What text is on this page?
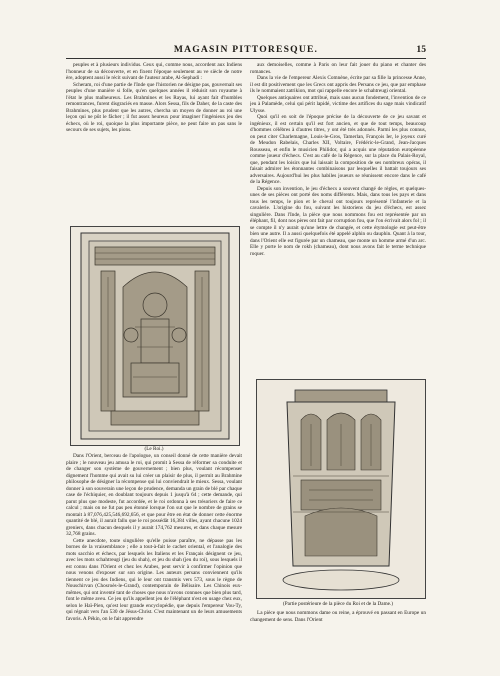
MAGASIN PITTORESQUE.	15

peuples et à plusieurs individus. Ceux qui, comme nous, accordent aux Indiens l'honneur de sa découverte, et en fixent l'époque seulement au ve siècle de notre ère, adoptent aussi le récit suivant de l'auteur arabe, Al-Sephadi :

Scheram, roi d'une partie de l'Inde que l'historien ne désigne pas, gouvernait ses peuples d'une manière si folle, qu'en quelques années il réduisit son royaume à l'état le plus malheureux. Les Brahmines et les Rayas, lui ayant fait d'humbles remontrances, furent disgraciés en masse. Alors Sessa, fils de Daher, de la caste des Brahmines, plus prudent que les autres, chercha un moyen de donner au roi une leçon qui ne pût le fâcher ; il fut assez heureux pour imaginer l'ingénieux jeu des échecs, où le roi, quoique la plus importante pièce, ne peut faire un pas sans le secours de ses sujets, les pions.

(Le Roi.)

Dans l'Orient, berceau de l'apologue, un conseil donné de cette manière devait plaire ; le nouveau jeu amusa le roi, qui promit à Sessa de réformer sa conduite et de changer son système de gouvernement ; bien plus, voulant récompenser dignement l'homme qui avait su lui créer un plaisir de plus, il permit au Brahmine philosophe de désigner la récompense qui lui conviendrait le mieux. Sessa, voulant donner à son souverain une leçon de prudence, demanda un grain de blé par chaque case de l'échiquier, en doublant toujours depuis 1 jusqu'à 64 ; cette demande, qui parut plus que modeste, fut accordée, et le roi ordonna à ses trésoriers de faire ce calcul ; mais on ne fut pas peu étonné lorsque l'on sut que le nombre de grains se montait à 87,076,425,546,692,656, et que pour être en état de donner cette énorme quantité de blé, il aurait fallu que le roi possédât 16,384 villes, ayant chacune 1024 greniers, dans chacun desquels il y aurait 174,762 mesures, et dans chaque mesure 32,768 grains.

Cette anecdote, toute singulière qu'elle puisse paraître, ne dépasse pas les bornes de la vraisemblance ; elle a tout-à-fait le cachet oriental, et l'analogie des mots sacchio et échecs, par lesquels les Italiens et les Français désignent ce jeu, avec les mots schahtreugi (jeu du shah), et jeu du shah (jeu du roi), sous lesquels il est connu dans l'Orient et chez les Arabes, peut servir à confirmer l'opinion que nous venons d'exposer sur son origine. Les auteurs persans conviennent qu'ils tiennent ce jeu des Indiens, qui le leur ont transmis vers 573, sous le règne de Nouschirvan (Chosroès-le-Grand), contemporain de Bélisaire. Les Chinois eux-mêmes, qui ont inventé tant de choses que nous n'avons connues que bien plus tard, font le même aveu. Ce jeu qu'ils appellent jeu de l'éléphant n'est en usage chez eux, selon le Haï-Pien, qu'est leur grande encyclopédie, que depuis l'empereur Vou-Ty, qui régnait vers l'an 530 de Jésus-Christ. C'est maintenant un de leurs amusements favoris. A Pékin, on le fait apprendre

aux demoiselles, comme à Paris on leur fait jouer du piano et chanter des romances.

Dans la vie de l'empereur Alexis Comnène, écrite par sa fille la princesse Anne, il est dit positivement que les Grecs ont appris des Persans ce jeu, que par emphase ils le nommaient zatrikion, mot qui rappelle encore le schahtreugi oriental.

Quelques antiquaires ont attribué, mais sans aucun fondement, l'invention de ce jeu à Palamède, celui qui périt lapidé, victime des artifices du sage mais vindicatif Ulysse.

Quoi qu'il en soit de l'époque précise de la découverte de ce jeu savant et ingénieux, il est certain qu'il est fort ancien, et que de tout temps, beaucoup d'hommes célèbres à d'autres titres, y ont été très adonnés. Parmi les plus connus, on peut citer Charlemagne, Louis-le-Gros, Tamerlan, François Ier, le joyeux curé de Meudon Rabelais, Charles XII, Voltaire, Frédéric-le-Grand, Jean-Jacques Rousseau, et enfin le musicien Philidor, qui a acquis une réputation européenne comme joueur d'échecs. C'est au café de la Régence, sur la place du Palais-Royal, que, pendant les loisirs que lui laissait la composition de ses nombreux opéras, il faisait admirer les étonnantes combinaisons par lesquelles il battait toujours ses adversaires. Aujourd'hui les plus habiles joueurs se réunissent encore dans le café de la Régence.

Depuis son invention, le jeu d'échecs a souvent changé de règles, et quelques-unes de ses pièces ont porté des noms différents. Mais, dans tous les pays et dans tous les temps, le pion et le cheval ont toujours représenté l'infanterie et la cavalerie. L'origine du fou, suivant les historiens du jeu d'échecs, est assez singulière. Dans l'Inde, la pièce que nous nommons fou est représentée par un éléphant, fil, dont nos pères ont fait par corruption fou, que l'on écrivait alors fol ; il se compte il n'y aurait qu'une lettre de changée, et cette étymologie est peut-être bien une autre. Il a aussi quelquefois été appelé alphin ou dauphin. Quant à la tour, dans l'Orient elle est figurée par un chameau, que monte un homme armé d'un arc. Elle y porte le nom de rokh (chameau), dont nous avons fait le terme technique roquer.

(Partie postérieure de la pièce du Roi et de la Dame.)

La pièce que nous nommons dame ou reine, a éprouvé en passant en Europe un changement de sens. Dans l'Orient
